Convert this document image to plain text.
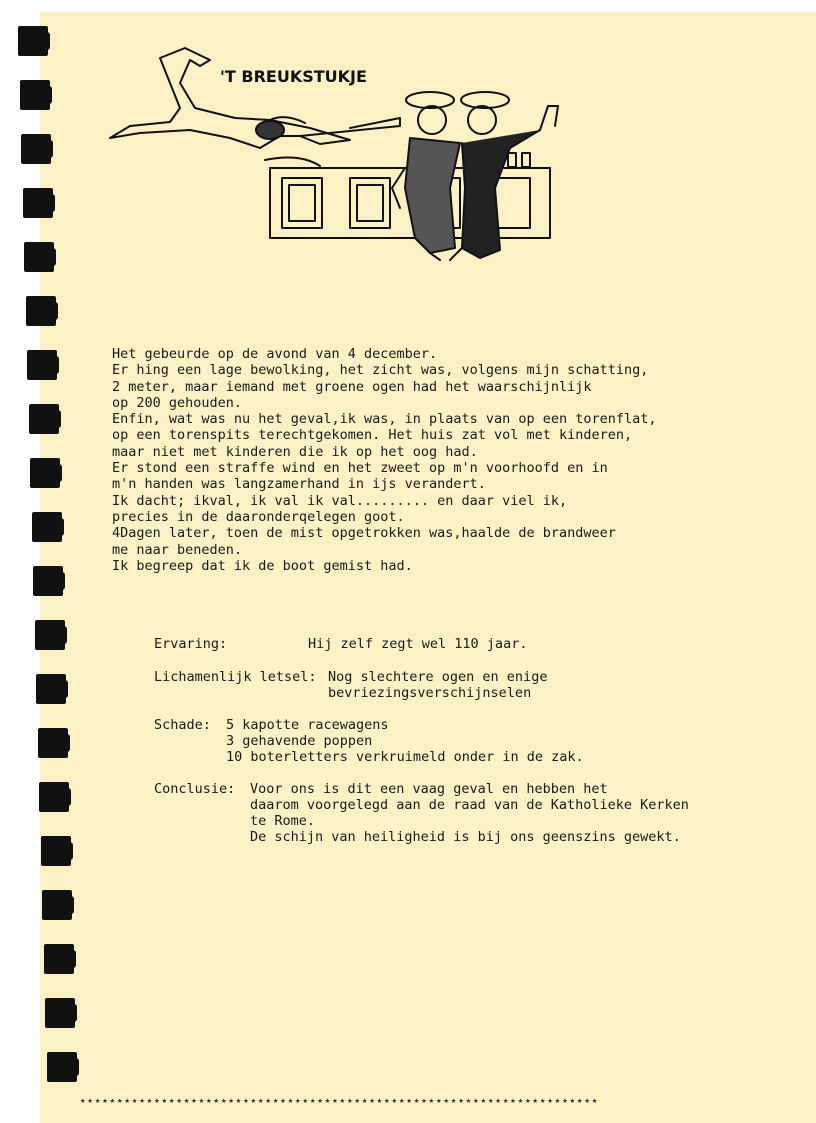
'T BREUKSTUKJE
Het gebeurde op de avond van 4 december.
Er hing een lage bewolking, het zicht was, volgens mijn schatting,
2 meter, maar iemand met groene ogen had het waarschijnlijk
op 200 gehouden.
Enfin, wat was nu het geval,ik was, in plaats van op een torenflat,
op een torenspits terechtgekomen. Het huis zat vol met kinderen,
maar niet met kinderen die ik op het oog had.
Er stond een straffe wind en het zweet op m'n voorhoofd en in
m'n handen was langzamerhand in ijs verandert.
Ik dacht; ikval, ik val ik val......... en daar viel ik,
precies in de daaronderqelegen goot.
4Dagen later, toen de mist opgetrokken was,haalde de brandweer
me naar beneden.
Ik begreep dat ik de boot gemist had.
Ervaring:	Hij zelf zegt wel 110 jaar.
Lichamenlijk letsel: Nog slechtere ogen en enige
bevriezingsverschijnselen
Schade: 5 kapotte racewagens
3 gehavende poppen
10 boterletters verkruimeld onder in de zak.
Conclusie: Voor ons is dit een vaag geval en hebben het
daarom voorgelegd aan de raad van de Katholieke Kerken
te Rome.
De schijn van heiligheid is bij ons geenszins gewekt.
★★★★★★★★★★★★★★★★★★★★★★★★★★★★★★★★★★★★★★★★★★★★★★★★★★★★★★★★★★★★★★★★★★★★★★
